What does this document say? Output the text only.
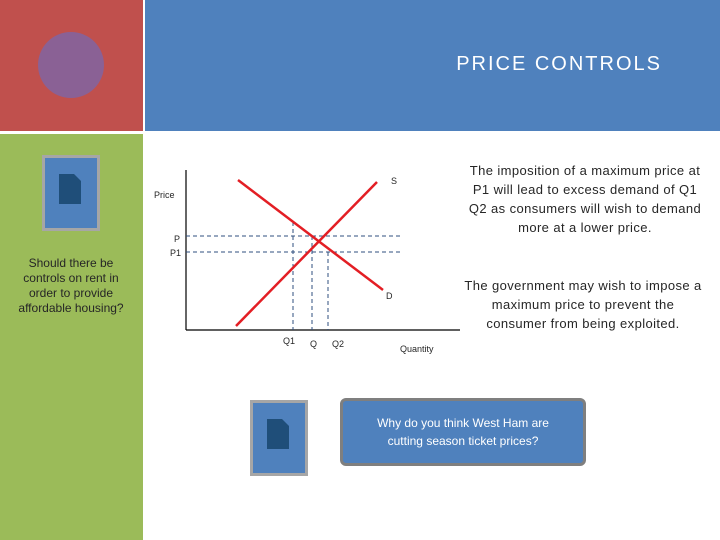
PRICE CONTROLS
Should there be controls on rent in order to provide affordable housing?
Price
P
P1
S
D
Q1 Q Q2	Quantity
The imposition of a maximum price at P1 will lead to excess demand of Q1 Q2 as consumers will wish to demand more at a lower price.
The government may wish to impose a maximum price to prevent the consumer from being exploited.
Why do you think West Ham are cutting season ticket prices?
